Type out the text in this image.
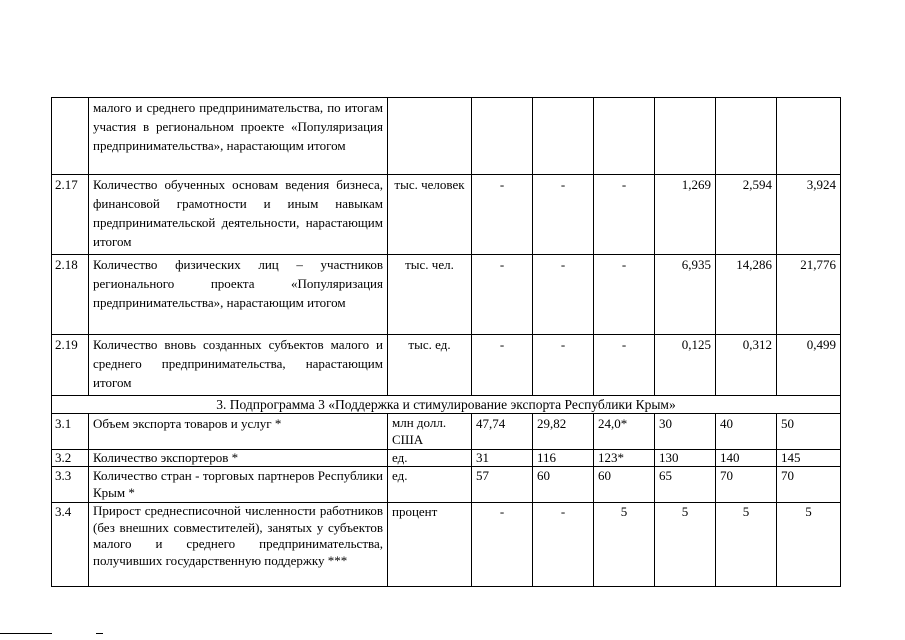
	малого и среднего предпринимательства, по итогам участия в региональном проекте «Популяризация предпринимательства», нарастающим итогом							
2.17	Количество обученных основам ведения бизнеса, финансовой грамотности и иным навыкам предпринимательской деятельности, нарастающим итогом	тыс. человек	-	-	-	1,269	2,594	3,924
2.18	Количество физических лиц – участников регионального проекта «Популяризация предпринимательства», нарастающим итогом	тыс. чел.	-	-	-	6,935	14,286	21,776
2.19	Количество вновь созданных субъектов малого и среднего предпринимательства, нарастающим итогом	тыс. ед.	-	-	-	0,125	0,312	0,499
3. Подпрограмма 3 «Поддержка и стимулирование экспорта Республики Крым»								
3.1	Объем экспорта товаров и услуг *	млн долл. США	47,74	29,82	24,0*	30	40	50
3.2	Количество экспортеров *	ед.	31	116	123*	130	140	145
3.3	Количество стран - торговых партнеров Республики Крым *	ед.	57	60	60	65	70	70
3.4	Прирост среднесписочной численности работников (без внешних совместителей), занятых у субъектов малого и среднего предпринимательства, получивших государственную поддержку ***	процент	-	-	5	5	5	5
